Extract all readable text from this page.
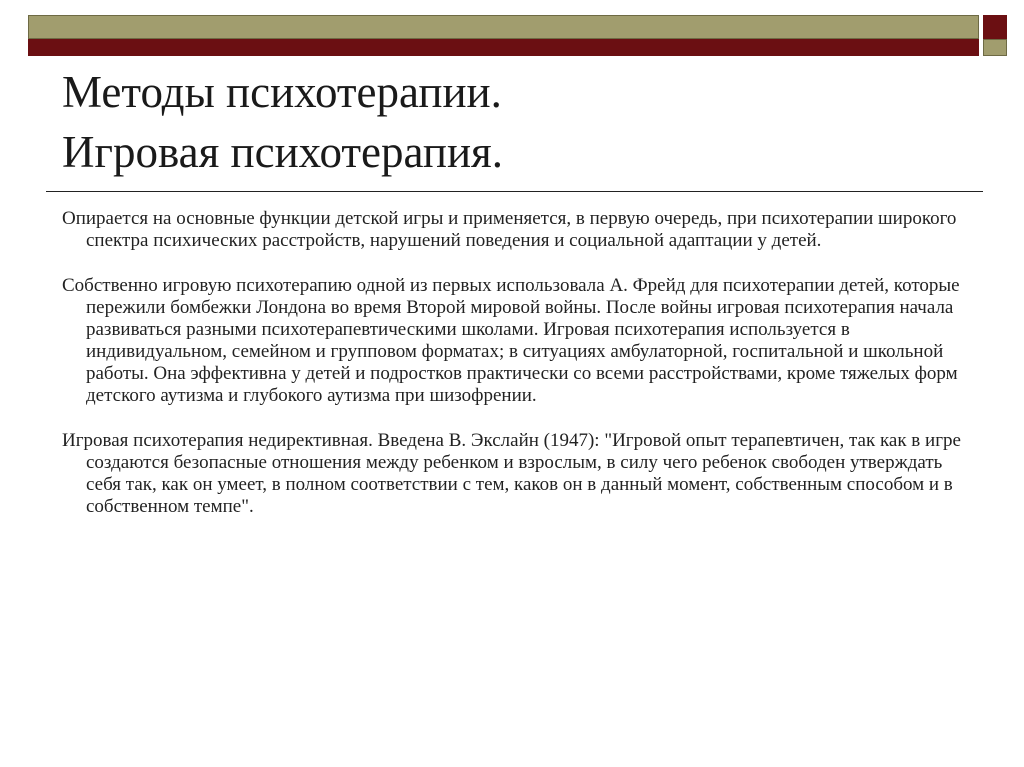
Методы психотерапии.
Игровая психотерапия.

Опирается на основные функции детской игры и применяется, в первую очередь, при психотерапии широкого спектра психических расстройств, нарушений поведения и социальной адаптации у детей.

Собственно игровую психотерапию одной из первых использовала А. Фрейд для психотерапии детей, которые пережили бомбежки Лондона во время Второй мировой войны. После войны игровая психотерапия начала развиваться разными психотерапевтическими школами. Игровая психотерапия используется в индивидуальном, семейном и групповом форматах; в ситуациях амбулаторной, госпитальной и школьной работы. Она эффективна у детей и подростков практически со всеми расстройствами, кроме тяжелых форм детского аутизма и глубокого аутизма при шизофрении.

Игровая психотерапия недирективная. Введена В. Экслайн (1947): "Игровой опыт терапевтичен, так как в игре создаются безопасные отношения между ребенком и взрослым, в силу чего ребенок свободен утверждать себя так, как он умеет, в полном соответствии с тем, каков он в данный момент, собственным способом и в собственном темпе".
